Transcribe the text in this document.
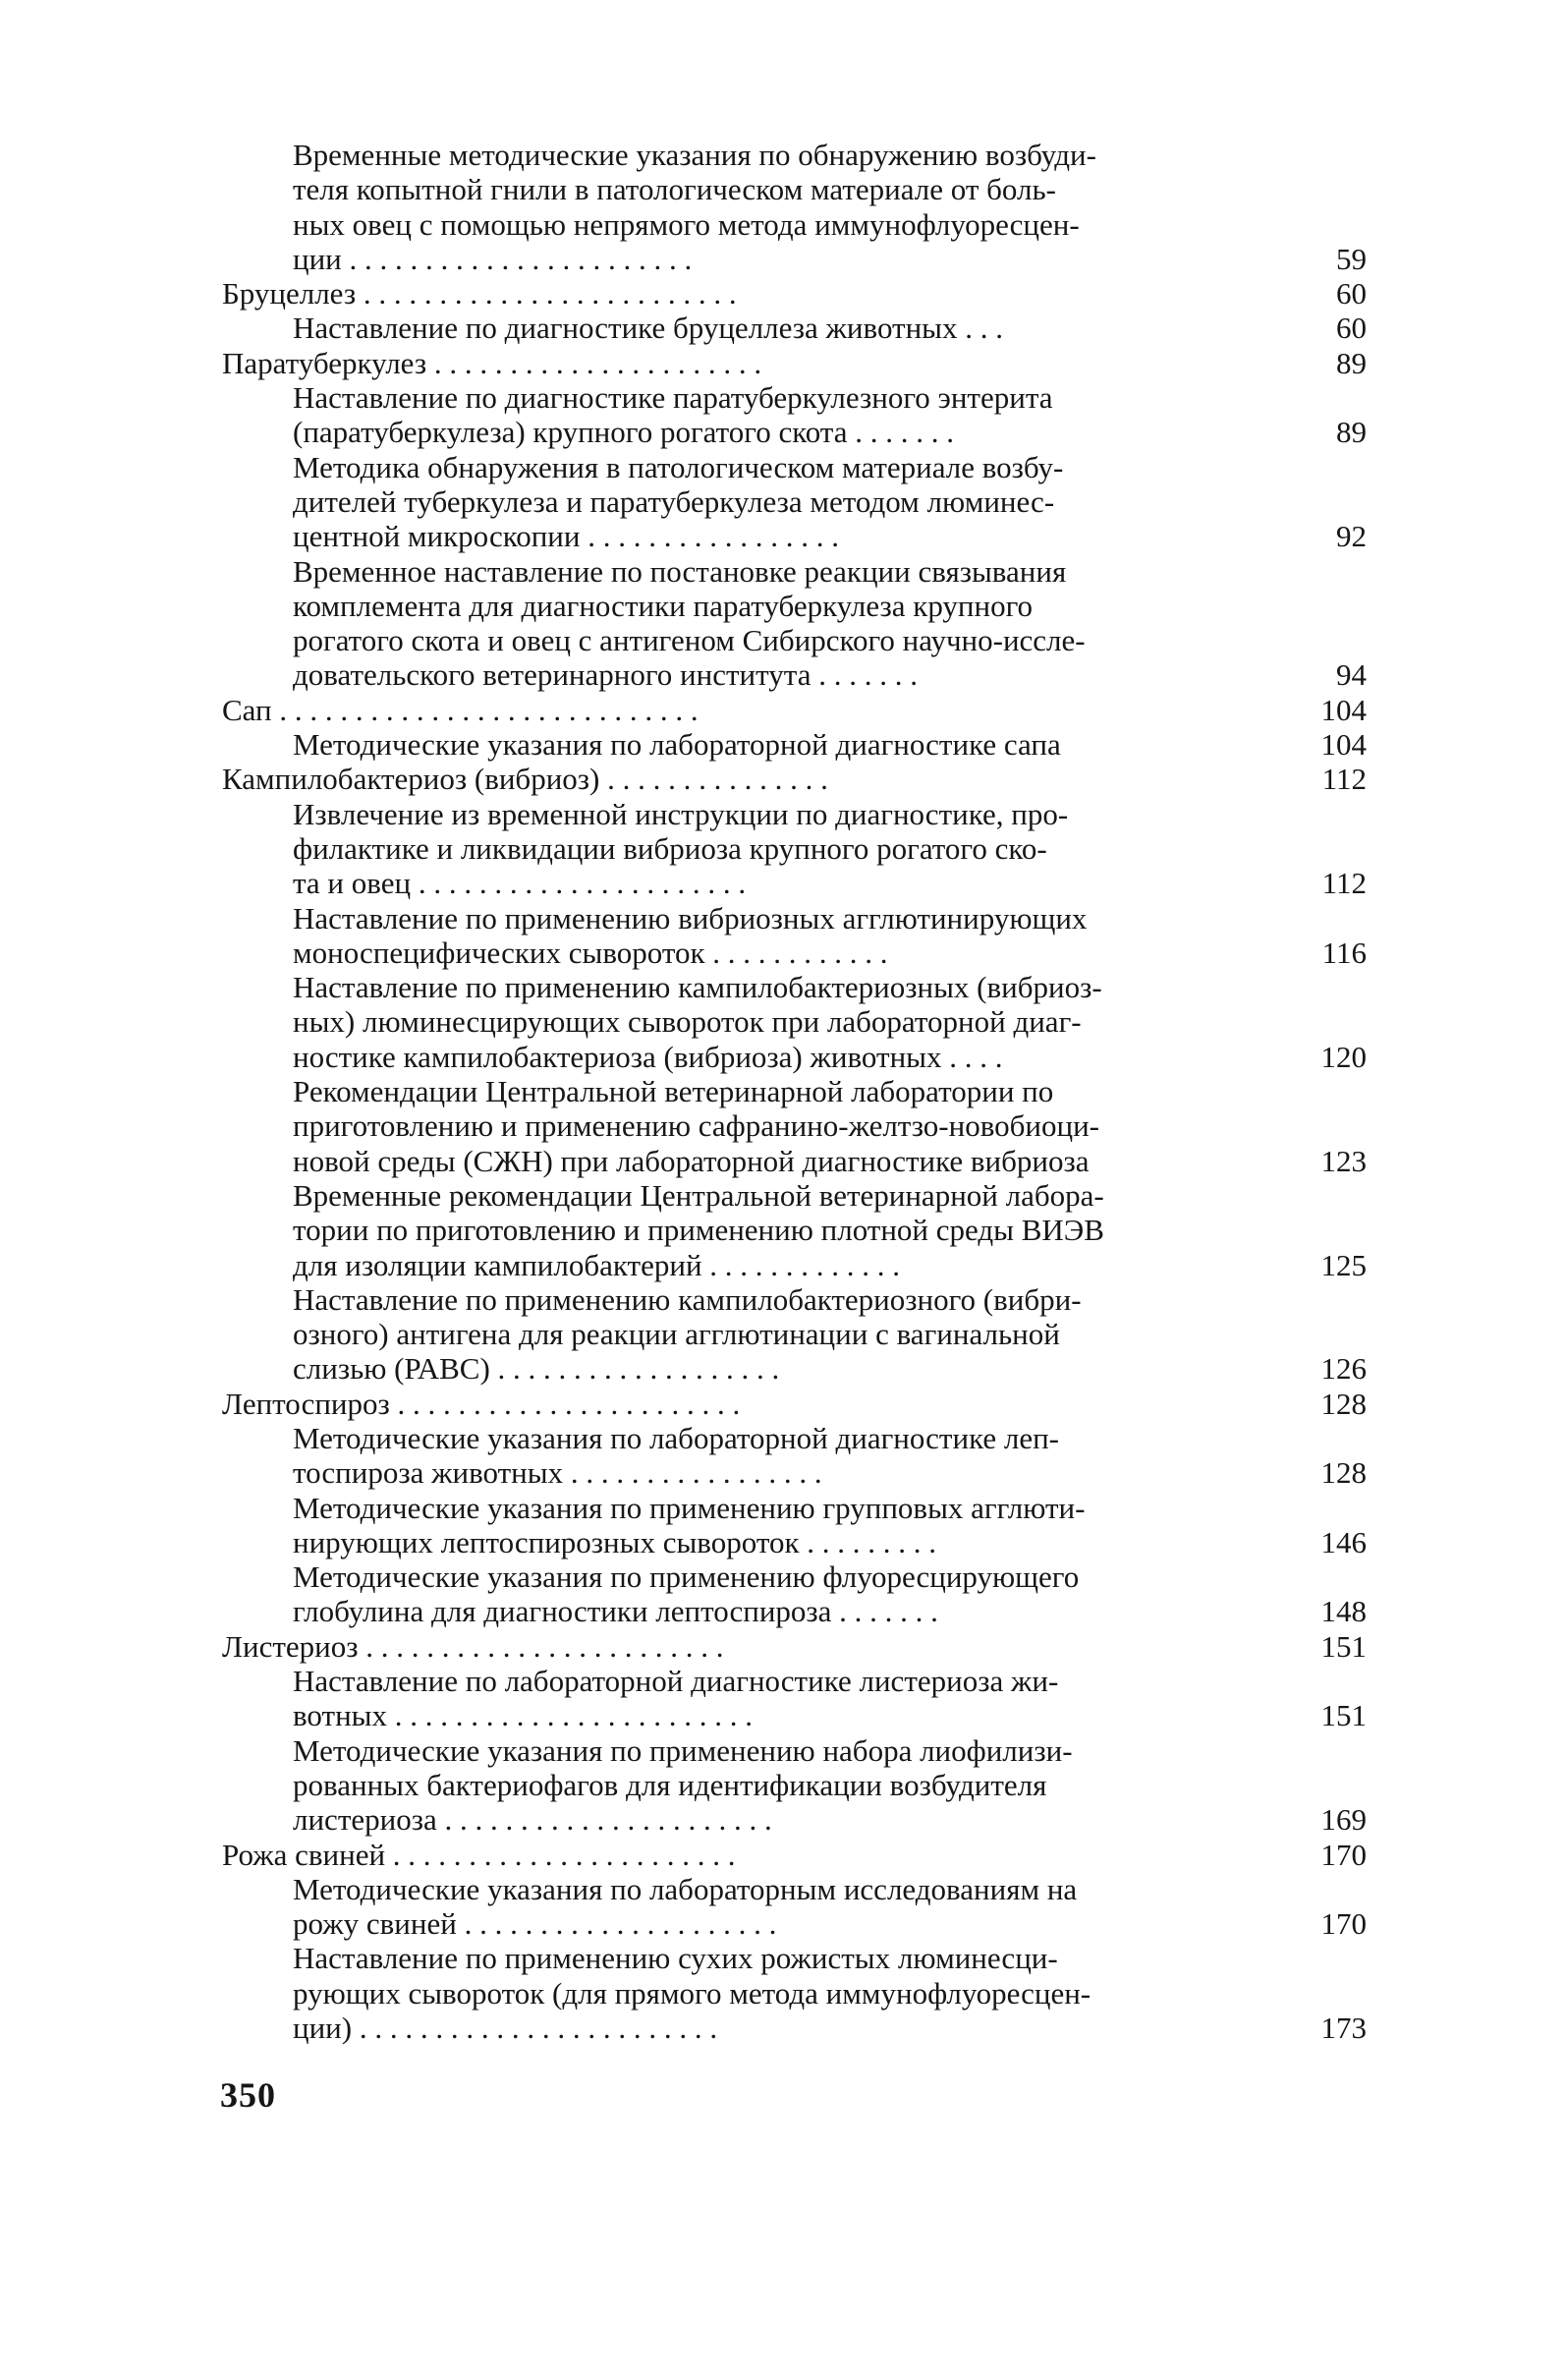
Временные методические указания по обнаружению возбуди-
теля копытной гнили в патологическом материале от боль-
ных овец с помощью непрямого метода иммунофлуоресцен-
ции . . . . . . . . . . . . . . . . . . . . . . .	59
Бруцеллез . . . . . . . . . . . . . . . . . . . . . . . . .	60
Наставление по диагностике бруцеллеза животных . . .	60
Паратуберкулез . . . . . . . . . . . . . . . . . . . . . .	89
Наставление по диагностике паратуберкулезного энтерита
(паратуберкулеза) крупного рогатого скота . . . . . . .	89
Методика обнаружения в патологическом материале возбу-
дителей туберкулеза и паратуберкулеза методом люминес-
центной микроскопии . . . . . . . . . . . . . . . . .	92
Временное наставление по постановке реакции связывания
комплемента для диагностики паратуберкулеза крупного
рогатого скота и овец с антигеном Сибирского научно-иссле-
довательского ветеринарного института . . . . . . .	94
Сап . . . . . . . . . . . . . . . . . . . . . . . . . . . .	104
Методические указания по лабораторной диагностике сапа	104
Кампилобактериоз (вибриоз) . . . . . . . . . . . . . . .	112
Извлечение из временной инструкции по диагностике, про-
филактике и ликвидации вибриоза крупного рогатого ско-
та и овец . . . . . . . . . . . . . . . . . . . . . .	112
Наставление по применению вибриозных агглютинирующих
моноспецифических сывороток . . . . . . . . . . . .	116
Наставление по применению кампилобактериозных (вибриоз-
ных) люминесцирующих сывороток при лабораторной диаг-
ностике кампилобактериоза (вибриоза) животных . . . .	120
Рекомендации Центральной ветеринарной лаборатории по
приготовлению и применению сафранино-желтзо-новобиоци-
новой среды (СЖН) при лабораторной диагностике вибриоза	123
Временные рекомендации Центральной ветеринарной лабора-
тории по приготовлению и применению плотной среды ВИЭВ
для изоляции кампилобактерий . . . . . . . . . . . . .	125
Наставление по применению кампилобактериозного (вибри-
озного) антигена для реакции агглютинации с вагинальной
слизью (РАВС) . . . . . . . . . . . . . . . . . . .	126
Лептоспироз . . . . . . . . . . . . . . . . . . . . . . .	128
Методические указания по лабораторной диагностике леп-
тоспироза животных . . . . . . . . . . . . . . . . .	128
Методические указания по применению групповых агглюти-
нирующих лептоспирозных сывороток . . . . . . . . .	146
Методические указания по применению флуоресцирующего
глобулина для диагностики лептоспироза . . . . . . .	148
Листериоз . . . . . . . . . . . . . . . . . . . . . . . .	151
Наставление по лабораторной диагностике листериоза жи-
вотных . . . . . . . . . . . . . . . . . . . . . . . .	151
Методические указания по применению набора лиофилизи-
рованных бактериофагов для идентификации возбудителя
листериоза . . . . . . . . . . . . . . . . . . . . . .	169
Рожа свиней . . . . . . . . . . . . . . . . . . . . . . .	170
Методические указания по лабораторным исследованиям на
рожу свиней . . . . . . . . . . . . . . . . . . . . .	170
Наставление по применению сухих рожистых люминесци-
рующих сывороток (для прямого метода иммунофлуоресцен-
ции) . . . . . . . . . . . . . . . . . . . . . . . .	173
350
